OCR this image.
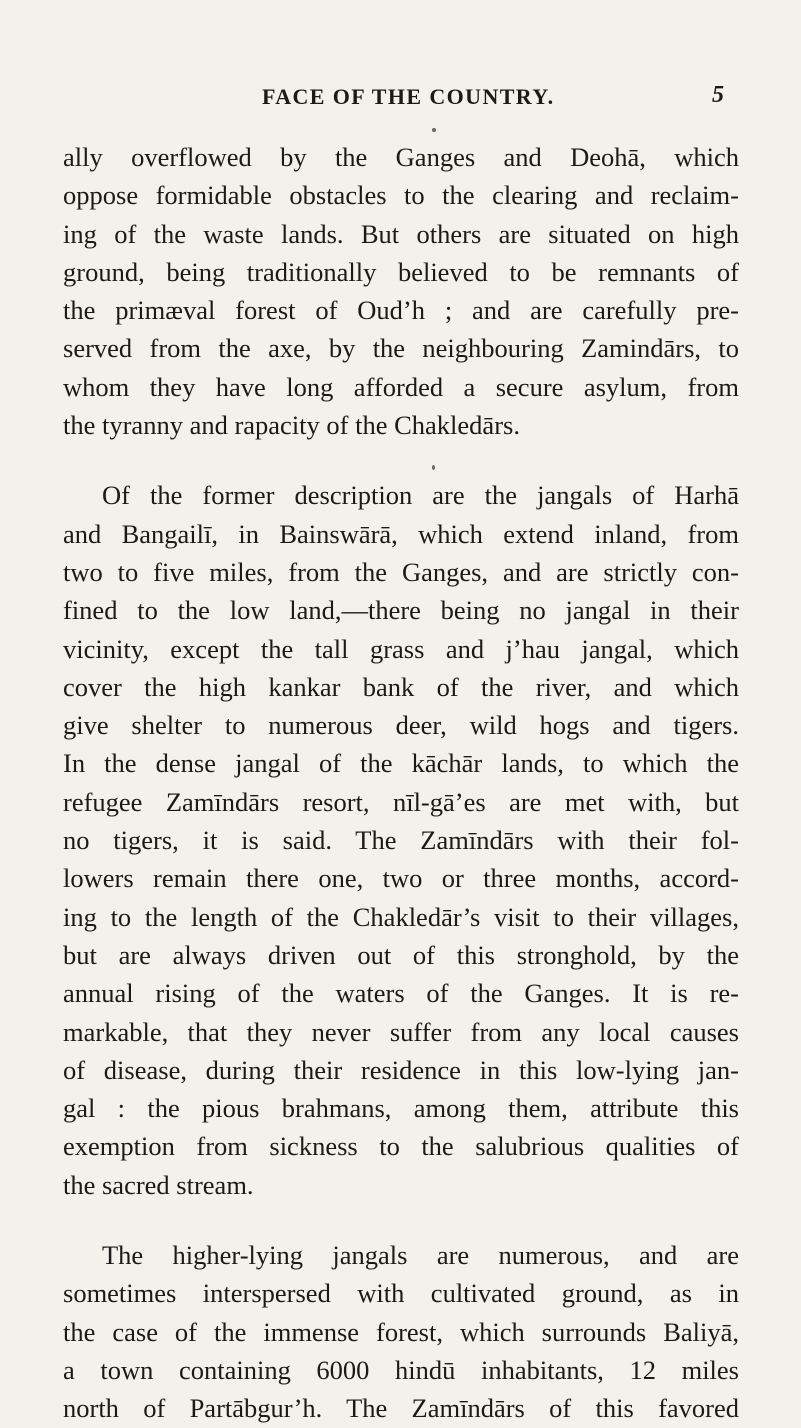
FACE OF THE COUNTRY.	5
ally overflowed by the Ganges and Deohā, which
oppose formidable obstacles to the clearing and reclaim-
ing of the waste lands. But others are situated on high
ground, being traditionally believed to be remnants of
the primæval forest of Oud’h ; and are carefully pre-
served from the axe, by the neighbouring Zamindārs, to
whom they have long afforded a secure asylum, from
the tyranny and rapacity of the Chakledārs.
Of the former description are the jangals of Harhā
and Bangailī, in Bainswārā, which extend inland, from
two to five miles, from the Ganges, and are strictly con-
fined to the low land,—there being no jangal in their
vicinity, except the tall grass and j’hau jangal, which
cover the high kankar bank of the river, and which
give shelter to numerous deer, wild hogs and tigers.
In the dense jangal of the kāchār lands, to which the
refugee Zamīndārs resort, nīl-gā’es are met with, but
no tigers, it is said. The Zamīndārs with their fol-
lowers remain there one, two or three months, accord-
ing to the length of the Chakledār’s visit to their villages,
but are always driven out of this stronghold, by the
annual rising of the waters of the Ganges. It is re-
markable, that they never suffer from any local causes
of disease, during their residence in this low-lying jan-
gal : the pious brahmans, among them, attribute this
exemption from sickness to the salubrious qualities of
the sacred stream.
The higher-lying jangals are numerous, and are
sometimes interspersed with cultivated ground, as in
the case of the immense forest, which surrounds Baliyā,
a town containing 6000 hindū inhabitants, 12 miles
north of Partābgur’h. The Zamīndārs of this favored
